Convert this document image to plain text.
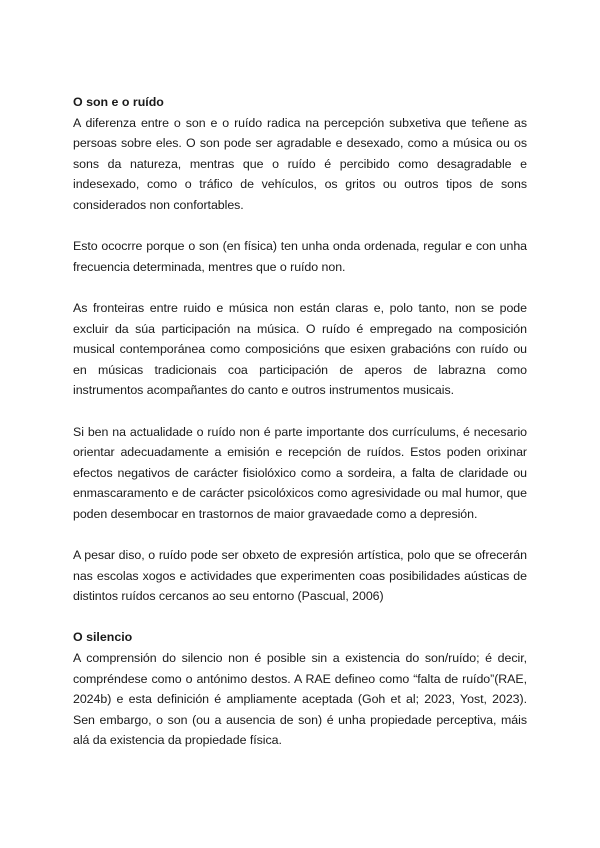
O son e o ruído

A diferenza entre o son e o ruído radica na percepción subxetiva que teñene as persoas sobre eles. O son pode ser agradable e desexado, como a música ou os sons da natureza, mentras que o ruído é percibido como desagradable e indesexado, como o tráfico de vehículos, os gritos ou outros tipos de sons considerados non confortables.

Esto ococrre porque o son (en física) ten unha onda ordenada, regular e con unha frecuencia determinada, mentres que o ruído non.

As fronteiras entre ruido e música non están claras e, polo tanto, non se pode excluir da súa participación na música. O ruído é empregado na composición musical contemporánea como composicións que esixen grabacións con ruído ou en músicas tradicionais coa participación de aperos de labrazna como instrumentos acompañantes do canto e outros instrumentos musicais.

Si ben na actualidade o ruído non é parte importante dos currículums, é necesario orientar adecuadamente a emisión e recepción de ruídos. Estos poden orixinar efectos negativos de carácter fisiolóxico como a sordeira, a falta de claridade ou enmascaramento e de carácter psicolóxicos como agresividade ou mal humor, que poden desembocar en trastornos de maior gravaedade como a depresión.

A pesar diso, o ruído pode ser obxeto de expresión artística, polo que se ofrecerán nas escolas xogos e actividades que experimenten coas posibilidades aústicas de distintos ruídos cercanos ao seu entorno (Pascual, 2006)

O silencio

A comprensión do silencio non é posible sin a existencia do son/ruído; é decir, compréndese como o antónimo destos. A RAE defineo como “falta de ruído”(RAE, 2024b) e esta definición é ampliamente aceptada (Goh et al; 2023, Yost, 2023). Sen embargo, o son (ou a ausencia de son) é unha propiedade perceptiva, máis alá da existencia da propiedade física.
